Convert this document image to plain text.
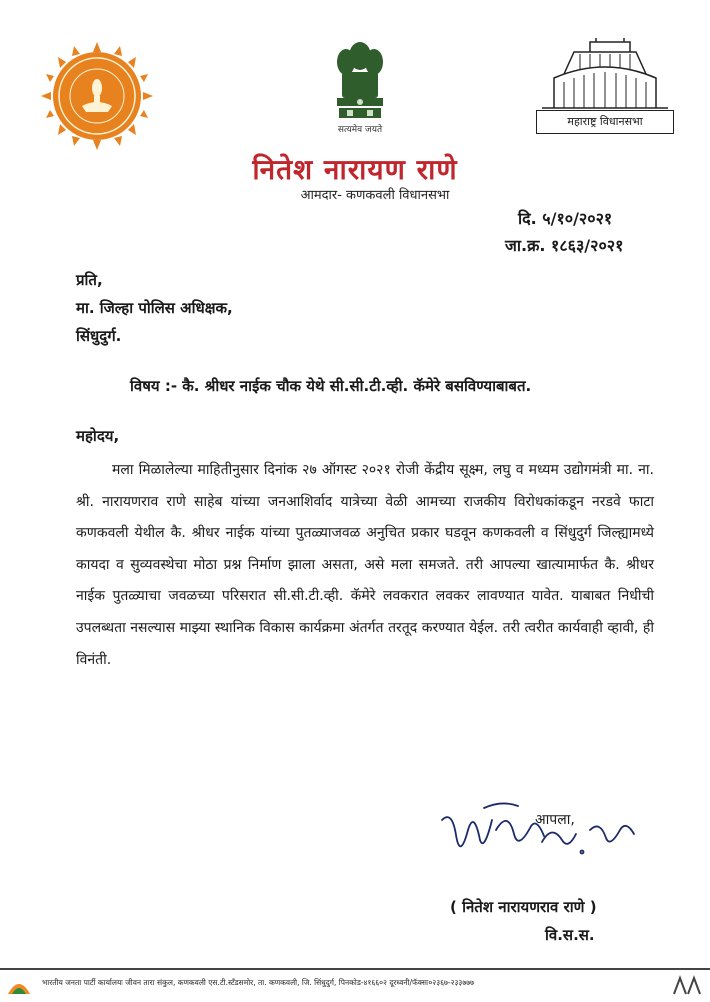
सत्यमेव जयते
महाराष्ट्र विधानसभा
नितेश नारायण राणे
आमदार- कणकवली विधानसभा
दि. ५/१०/२०२१
जा.क्र. १८६३/२०२१
प्रति,
मा. जिल्हा पोलिस अधिक्षक,
सिंधुदुर्ग.
विषय :- कै. श्रीधर नाईक चौक येथे सी.सी.टी.व्ही. कॅमेरे बसविण्याबाबत.
महोदय,
मला मिळालेल्या माहितीनुसार दिनांक २७ ऑगस्ट २०२१ रोजी केंद्रीय सूक्ष्म, लघु व मध्यम उद्योगमंत्री मा. ना. श्री. नारायणराव राणे साहेब यांच्या जनआशिर्वाद यात्रेच्या वेळी आमच्या राजकीय विरोधकांकडून नरडवे फाटा कणकवली येथील कै. श्रीधर नाईक यांच्या पुतळ्याजवळ अनुचित प्रकार घडवून कणकवली व सिंधुदुर्ग जिल्ह्यामध्ये कायदा व सुव्यवस्थेचा मोठा प्रश्न निर्माण झाला असता, असे मला समजते. तरी आपल्या खात्यामार्फत कै. श्रीधर नाईक पुतळ्याचा जवळच्या परिसरात सी.सी.टी.व्ही. कॅमेरे लवकरात लवकर लावण्यात यावेत. याबाबत निधीची उपलब्धता नसल्यास माझ्या स्थानिक विकास कार्यक्रमा अंतर्गत तरतूद करण्यात येईल. तरी त्वरीत कार्यवाही व्हावी, ही विनंती.
आपला,
( नितेश नारायणराव राणे )
वि.स.स.
भारतीय जनता पार्टी कार्यालयः जीवन तारा संकुल, कणकवली एस.टी.स्टँडसमोर, ता. कणकवली, जि. सिंधुदुर्ग, पिनकोड-४१६६०२ दूरध्वनी/फॅक्सः०२३६७-२३३७७७
